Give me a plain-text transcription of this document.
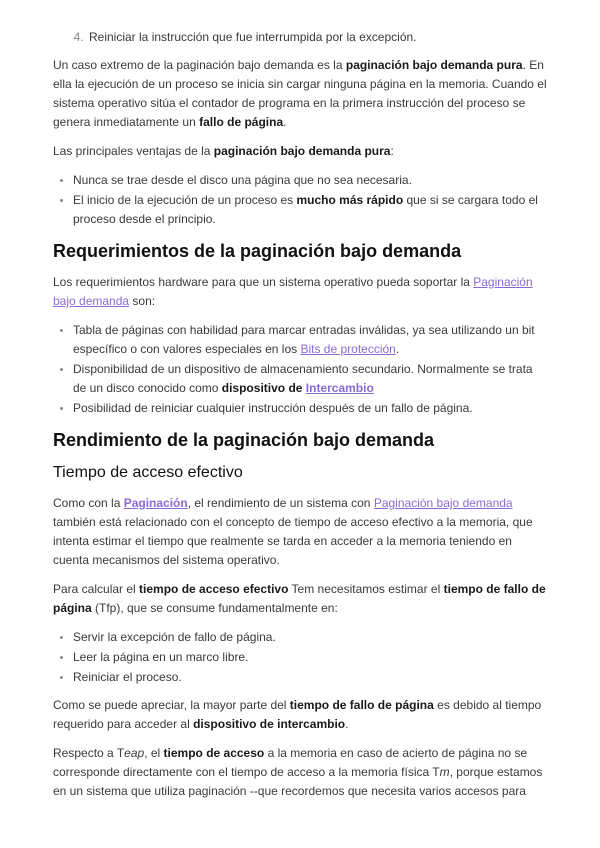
4. Reiniciar la instrucción que fue interrumpida por la excepción.

Un caso extremo de la paginación bajo demanda es la paginación bajo demanda pura. En ella la ejecución de un proceso se inicia sin cargar ninguna página en la memoria. Cuando el sistema operativo sitúa el contador de programa en la primera instrucción del proceso se genera inmediatamente un fallo de página.

Las principales ventajas de la paginación bajo demanda pura:

• Nunca se trae desde el disco una página que no sea necesaria.
• El inicio de la ejecución de un proceso es mucho más rápido que si se cargara todo el proceso desde el principio.
Requerimientos de la paginación bajo demanda

Los requerimientos hardware para que un sistema operativo pueda soportar la Paginación bajo demanda son:

• Tabla de páginas con habilidad para marcar entradas inválidas, ya sea utilizando un bit específico o con valores especiales en los Bits de protección.
• Disponibilidad de un dispositivo de almacenamiento secundario. Normalmente se trata de un disco conocido como dispositivo de Intercambio
• Posibilidad de reiniciar cualquier instrucción después de un fallo de página.
Rendimiento de la paginación bajo demanda
Tiempo de acceso efectivo

Como con la Paginación, el rendimiento de un sistema con Paginación bajo demanda también está relacionado con el concepto de tiempo de acceso efectivo a la memoria, que intenta estimar el tiempo que realmente se tarda en acceder a la memoria teniendo en cuenta mecanismos del sistema operativo.

Para calcular el tiempo de acceso efectivo Tem necesitamos estimar el tiempo de fallo de página (Tfp), que se consume fundamentalmente en:

• Servir la excepción de fallo de página.
• Leer la página en un marco libre.
• Reiniciar el proceso.

Como se puede apreciar, la mayor parte del tiempo de fallo de página es debido al tiempo requerido para acceder al dispositivo de intercambio.

Respecto a Teap, el tiempo de acceso a la memoria en caso de acierto de página no se corresponde directamente con el tiempo de acceso a la memoria física Tm, porque estamos en un sistema que utiliza paginación --que recordemos que necesita varios accesos para
